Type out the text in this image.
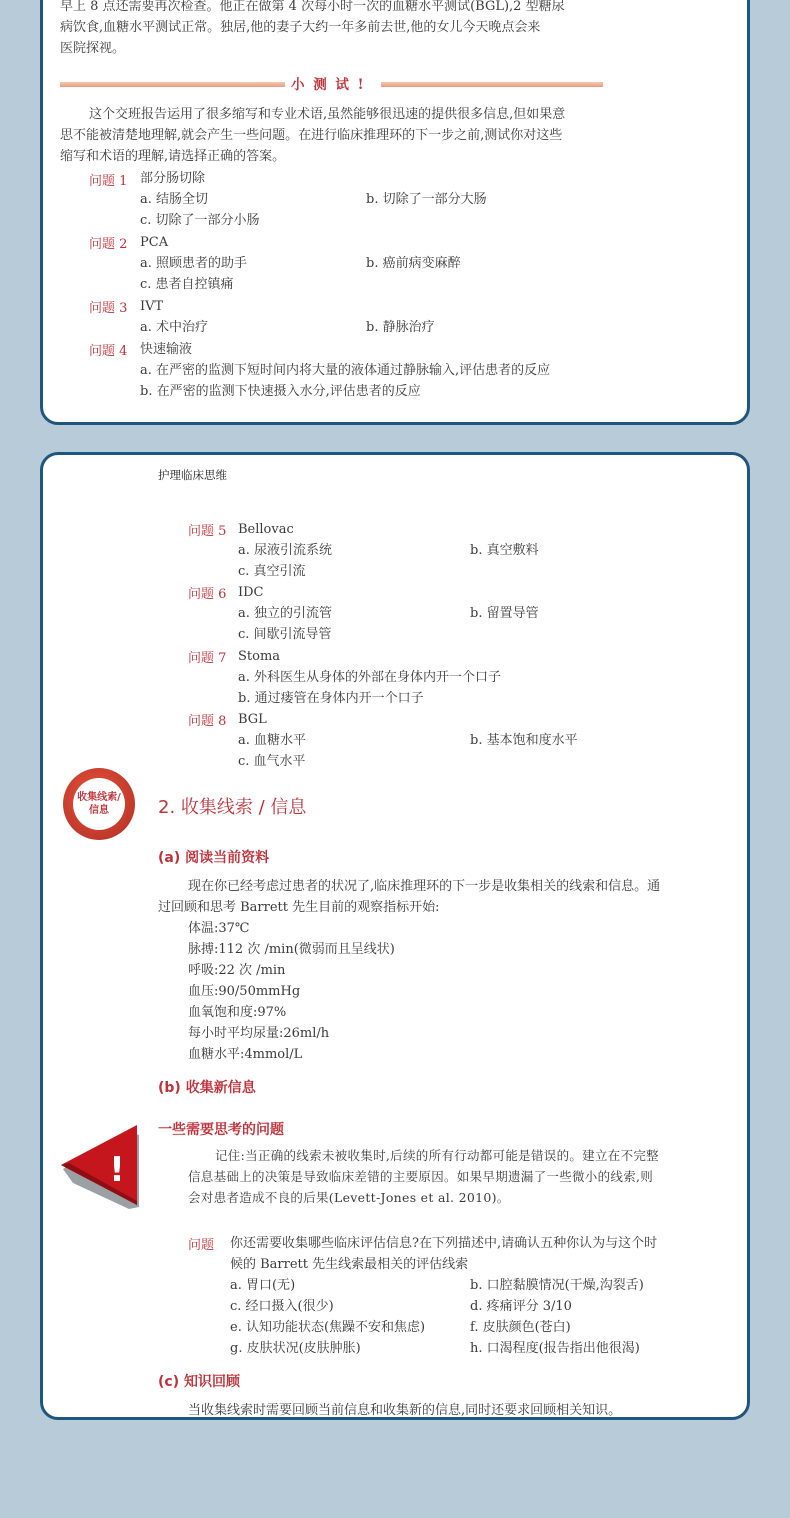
早上 8 点还需要再次检查。他正在做第 4 次每小时一次的血糖水平测试(BGL),2 型糖尿
病饮食,血糖水平测试正常。独居,他的妻子大约一年多前去世,他的女儿今天晚点会来
医院探视。
小 测 试 !
这个交班报告运用了很多缩写和专业术语,虽然能够很迅速的提供很多信息,但如果意
思不能被清楚地理解,就会产生一些问题。在进行临床推理环的下一步之前,测试你对这些
缩写和术语的理解,请选择正确的答案。
问题 1 部分肠切除
a. 结肠全切	b. 切除了一部分大肠
c. 切除了一部分小肠
问题 2 PCA
a. 照顾患者的助手	b. 癌前病变麻醉
c. 患者自控镇痛
问题 3 IVT
a. 术中治疗	b. 静脉治疗
问题 4 快速输液
a. 在严密的监测下短时间内将大量的液体通过静脉输入,评估患者的反应
b. 在严密的监测下快速摄入水分,评估患者的反应
护理临床思维
问题 5 Bellovac
a. 尿液引流系统	b. 真空敷料
c. 真空引流
问题 6 IDC
a. 独立的引流管	b. 留置导管
c. 间歇引流导管
问题 7 Stoma
a. 外科医生从身体的外部在身体内开一个口子
b. 通过瘘管在身体内开一个口子
问题 8 BGL
a. 血糖水平	b. 基本饱和度水平
c. 血气水平
收集线索/信息	2. 收集线索 / 信息
(a) 阅读当前资料
现在你已经考虑过患者的状况了,临床推理环的下一步是收集相关的线索和信息。通
过回顾和思考 Barrett 先生目前的观察指标开始:
体温:37℃
脉搏:112 次 /min(微弱而且呈线状)
呼吸:22 次 /min
血压:90/50mmHg
血氧饱和度:97%
每小时平均尿量:26ml/h
血糖水平:4mmol/L
(b) 收集新信息
!
一些需要思考的问题
记住:当正确的线索未被收集时,后续的所有行动都可能是错误的。建立在不完整
信息基础上的决策是导致临床差错的主要原因。如果早期遗漏了一些微小的线索,则
会对患者造成不良的后果(Levett-Jones et al. 2010)。
问题 你还需要收集哪些临床评估信息?在下列描述中,请确认五种你认为与这个时
候的 Barrett 先生线索最相关的评估线索
a. 胃口(无)	b. 口腔黏膜情况(干燥,沟裂舌)
c. 经口摄入(很少)	d. 疼痛评分 3/10
e. 认知功能状态(焦躁不安和焦虑)	f. 皮肤颜色(苍白)
g. 皮肤状况(皮肤肿胀)	h. 口渴程度(报告指出他很渴)
(c) 知识回顾
当收集线索时需要回顾当前信息和收集新的信息,同时还要求回顾相关知识。
